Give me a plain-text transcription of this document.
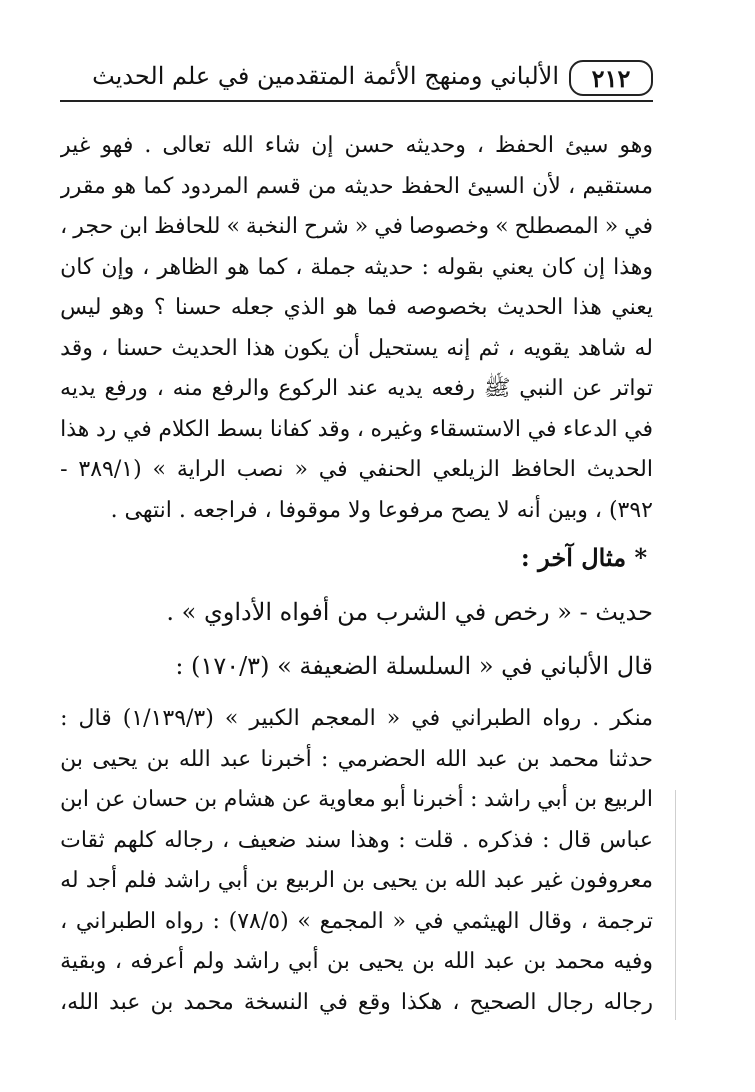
٢١٢
الألباني ومنهج الأئمة المتقدمين في علم الحديث
وهو
سيئ
الحفظ
،
وحديثه
حسن
إن
شاء
الله
تعالى
.
فهو
غير
مستقيم
،
لأن
السيئ
الحفظ
حديثه
من
قسم
المردود
كما
هو
مقرر
في
«
المصطلح
»
وخصوصا
في
«
شرح
النخبة
»
للحافظ
ابن
حجر
،
وهذا
إن
كان
يعني
بقوله
:
حديثه
جملة
،
كما
هو
الظاهر
،
وإن
كان
يعني
هذا
الحديث
بخصوصه
فما
هو
الذي
جعله
حسنا
؟
وهو
ليس
له
شاهد
يقويه
،
ثم
إنه
يستحيل
أن
يكون
هذا
الحديث
حسنا
،
وقد
تواتر
عن
النبي
ﷺ
رفعه
يديه
عند
الركوع
والرفع
منه
،
ورفع
يديه
في
الدعاء
في
الاستسقاء
وغيره
،
وقد
كفانا
بسط
الكلام
في
رد
هذا
الحديث
الحافظ
الزيلعي
الحنفي
في
«
نصب
الراية
»
(٣٨٩/١
-
٣٩٢) ، وبين أنه لا يصح مرفوعا ولا موقوفا ، فراجعه . انتهى .
* مثال آخر :
حديث - « رخص في الشرب من أفواه الأداوي » .
قال الألباني في « السلسلة الضعيفة » (١٧٠/٣) :
منكر
.
رواه
الطبراني
في
«
المعجم
الكبير
»
(١/١٣٩/٣)
قال
:
حدثنا
محمد
بن
عبد
الله
الحضرمي
:
أخبرنا
عبد
الله
بن
يحيى
بن
الربيع
بن
أبي
راشد
:
أخبرنا
أبو
معاوية
عن
هشام
بن
حسان
عن
ابن
عباس
قال
:
فذكره
.
قلت
:
وهذا
سند
ضعيف
،
رجاله
كلهم
ثقات
معروفون
غير
عبد
الله
بن
يحيى
بن
الربيع
بن
أبي
راشد
فلم
أجد
له
ترجمة
،
وقال
الهيثمي
في
«
المجمع
»
(٧٨/٥)
:
رواه
الطبراني
،
وفيه
محمد
بن
عبد
الله
بن
يحيى
بن
أبي
راشد
ولم
أعرفه
،
وبقية
رجاله
رجال
الصحيح
،
هكذا
وقع
في
النسخة
محمد
بن
عبد
الله،
